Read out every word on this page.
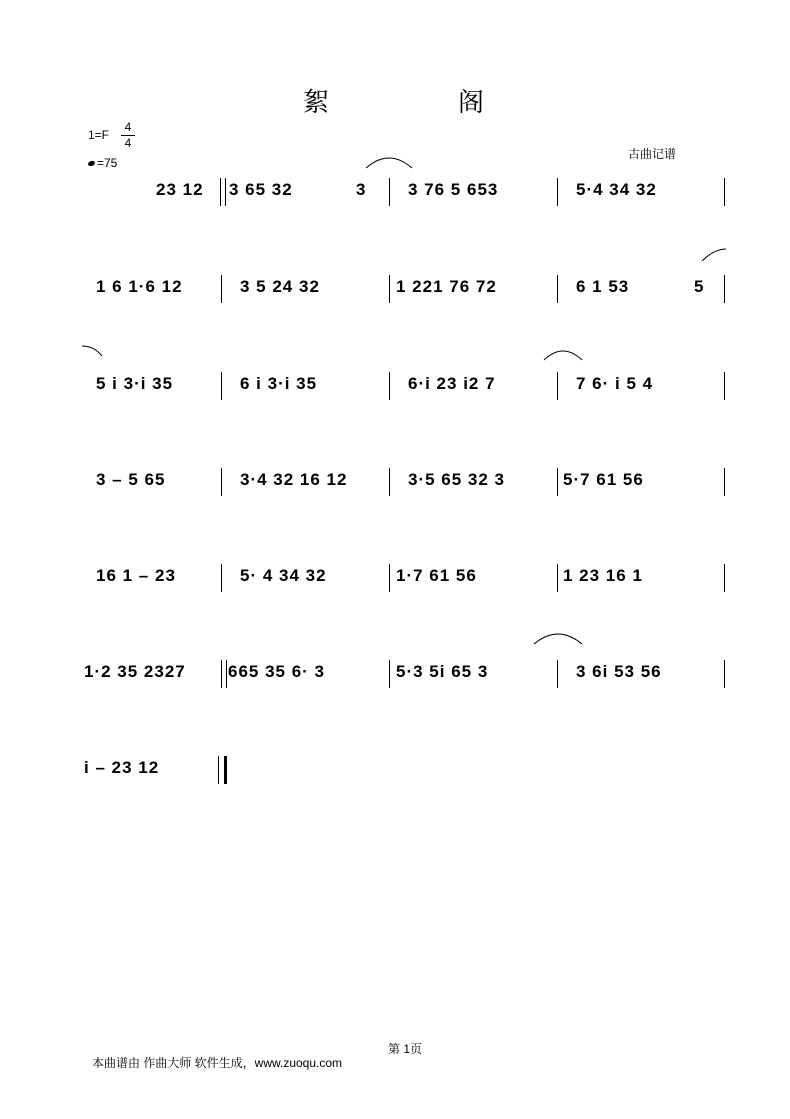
絮	阁
1=F
4
4
=75
古曲记谱
23 12 3 65 32	3 3 76 5 653	5·4 34 32
1 6 1·6 12	3 5 24 32	1 221 76 72	6 1 53	5
5 i 3·i 35	6 i 3·i 35	6·i 23 i2 7	7 6· i 5 4
3 – 5 65	3·4 32 16 12	3·5 65 32 3	5·7 61 56
16 1 – 23	5· 4 34 32	1·7 61 56	1 23 16 1
1·2 35 2327 665 35 6· 3	5·3 5i 65 3	3 6i 53 56
i – 23 12
第 1页
本曲谱由 作曲大师 软件生成，www.zuoqu.com
